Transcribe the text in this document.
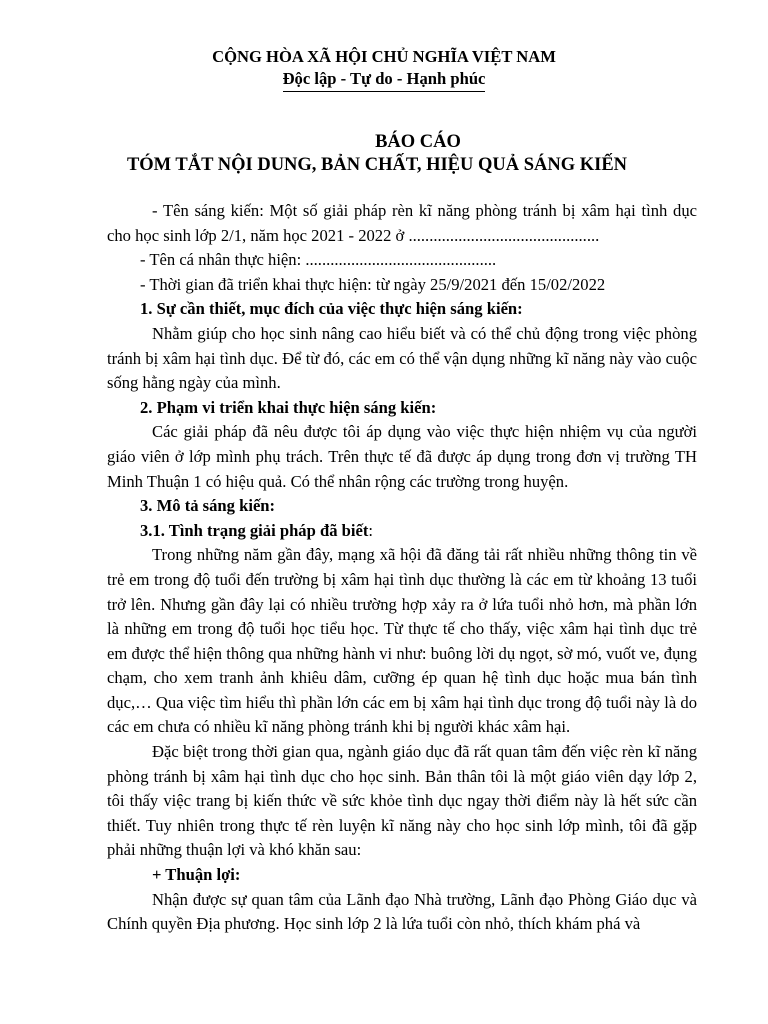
CỘNG HÒA XÃ HỘI CHỦ NGHĨA VIỆT NAM
Độc lập - Tự do - Hạnh phúc
BÁO CÁO
TÓM TẮT NỘI DUNG, BẢN CHẤT, HIỆU QUẢ SÁNG KIẾN

- Tên sáng kiến: Một số giải pháp rèn kĩ năng phòng tránh bị xâm hại tình dục cho học sinh lớp 2/1, năm học 2021 - 2022 ở ..............................................

- Tên cá nhân thực hiện: ..............................................

- Thời gian đã triển khai thực hiện: từ ngày 25/9/2021 đến 15/02/2022

1. Sự cần thiết, mục đích của việc thực hiện sáng kiến:

Nhằm giúp cho học sinh nâng cao hiểu biết và có thể chủ động trong việc phòng tránh bị xâm hại tình dục. Để từ đó, các em có thể vận dụng những kĩ năng này vào cuộc sống hằng ngày của mình.

2. Phạm vi triển khai thực hiện sáng kiến:

Các giải pháp đã nêu được tôi áp dụng vào việc thực hiện nhiệm vụ của người giáo viên ở lớp mình phụ trách. Trên thực tế đã được áp dụng trong đơn vị trường TH Minh Thuận 1 có hiệu quả. Có thể nhân rộng các trường trong huyện.

3. Mô tả sáng kiến:

3.1. Tình trạng giải pháp đã biết:

Trong những năm gần đây, mạng xã hội đã đăng tải rất nhiều những thông tin về trẻ em trong độ tuổi đến trường bị xâm hại tình dục thường là các em từ khoảng 13 tuổi trở lên. Nhưng gần đây lại có nhiều trường hợp xảy ra ở lứa tuổi nhỏ hơn, mà phần lớn là những em trong độ tuổi học tiểu học. Từ thực tế cho thấy, việc xâm hại tình dục trẻ em được thể hiện thông qua những hành vi như: buông lời dụ ngọt, sờ mó, vuốt ve, đụng chạm, cho xem tranh ảnh khiêu dâm, cưỡng ép quan hệ tình dục hoặc mua bán tình dục,… Qua việc tìm hiểu thì phần lớn các em bị xâm hại tình dục trong độ tuổi này là do các em chưa có nhiều kĩ năng phòng tránh khi bị người khác xâm hại.

Đặc biệt trong thời gian qua, ngành giáo dục đã rất quan tâm đến việc rèn kĩ năng phòng tránh bị xâm hại tình dục cho học sinh. Bản thân tôi là một giáo viên dạy lớp 2, tôi thấy việc trang bị kiến thức về sức khỏe tình dục ngay thời điểm này là hết sức cần thiết. Tuy nhiên trong thực tế rèn luyện kĩ năng này cho học sinh lớp mình, tôi đã gặp phải những thuận lợi và khó khăn sau:

+ Thuận lợi:

Nhận được sự quan tâm của Lãnh đạo Nhà trường, Lãnh đạo Phòng Giáo dục và Chính quyền Địa phương. Học sinh lớp 2 là lứa tuổi còn nhỏ, thích khám phá và
